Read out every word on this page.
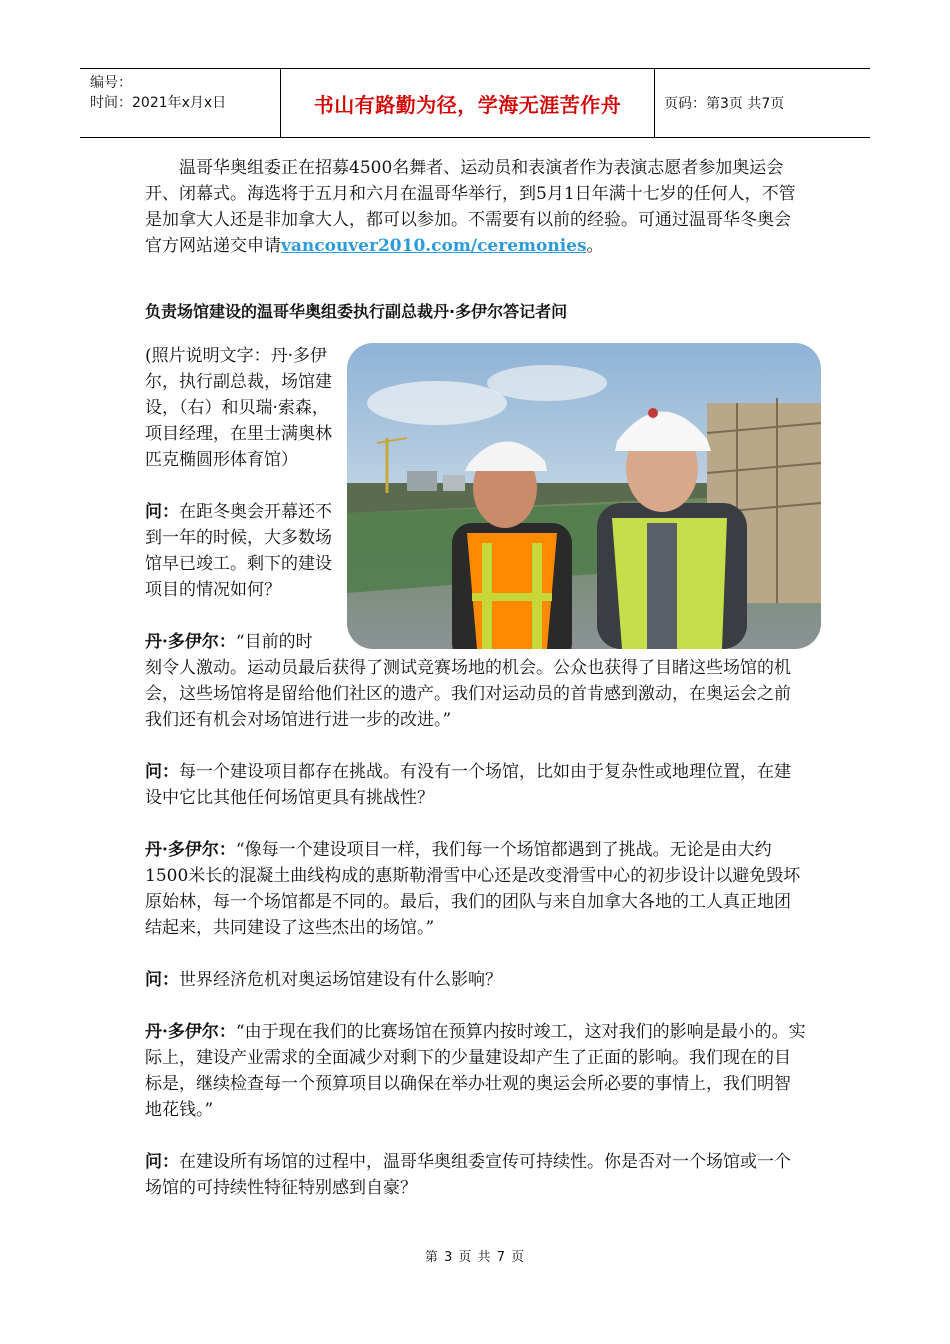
编号：
时间：2021年x月x日	书山有路勤为径，学海无涯苦作舟	页码：第3页 共7页

温哥华奥组委正在招募4500名舞者、运动员和表演者作为表演志愿者参加奥运会开、闭幕式。海选将于五月和六月在温哥华举行，到5月1日年满十七岁的任何人，不管是加拿大人还是非加拿大人，都可以参加。不需要有以前的经验。可通过温哥华冬奥会官方网站递交申请vancouver2010.com/ceremonies。

负责场馆建设的温哥华奥组委执行副总裁丹·多伊尔答记者问

(照片说明文字：丹·多伊尔，执行副总裁，场馆建设，（右）和贝瑞·索森，项目经理，在里士满奥林匹克椭圆形体育馆）

问：在距冬奥会开幕还不到一年的时候，大多数场馆早已竣工。剩下的建设项目的情况如何？

丹·多伊尔：“目前的时

刻令人激动。运动员最后获得了测试竞赛场地的机会。公众也获得了目睹这些场馆的机会，这些场馆将是留给他们社区的遗产。我们对运动员的首肯感到激动，在奥运会之前我们还有机会对场馆进行进一步的改进。”

问：每一个建设项目都存在挑战。有没有一个场馆，比如由于复杂性或地理位置，在建设中它比其他任何场馆更具有挑战性？

丹·多伊尔：“像每一个建设项目一样，我们每一个场馆都遇到了挑战。无论是由大约1500米长的混凝土曲线构成的惠斯勒滑雪中心还是改变滑雪中心的初步设计以避免毁坏原始林，每一个场馆都是不同的。最后，我们的团队与来自加拿大各地的工人真正地团结起来，共同建设了这些杰出的场馆。”

问：世界经济危机对奥运场馆建设有什么影响？

丹·多伊尔：“由于现在我们的比赛场馆在预算内按时竣工，这对我们的影响是最小的。实际上，建设产业需求的全面减少对剩下的少量建设却产生了正面的影响。我们现在的目标是，继续检查每一个预算项目以确保在举办壮观的奥运会所必要的事情上，我们明智地花钱。”

问：在建设所有场馆的过程中，温哥华奥组委宣传可持续性。你是否对一个场馆或一个场馆的可持续性特征特别感到自豪？

第 3 页 共 7 页
